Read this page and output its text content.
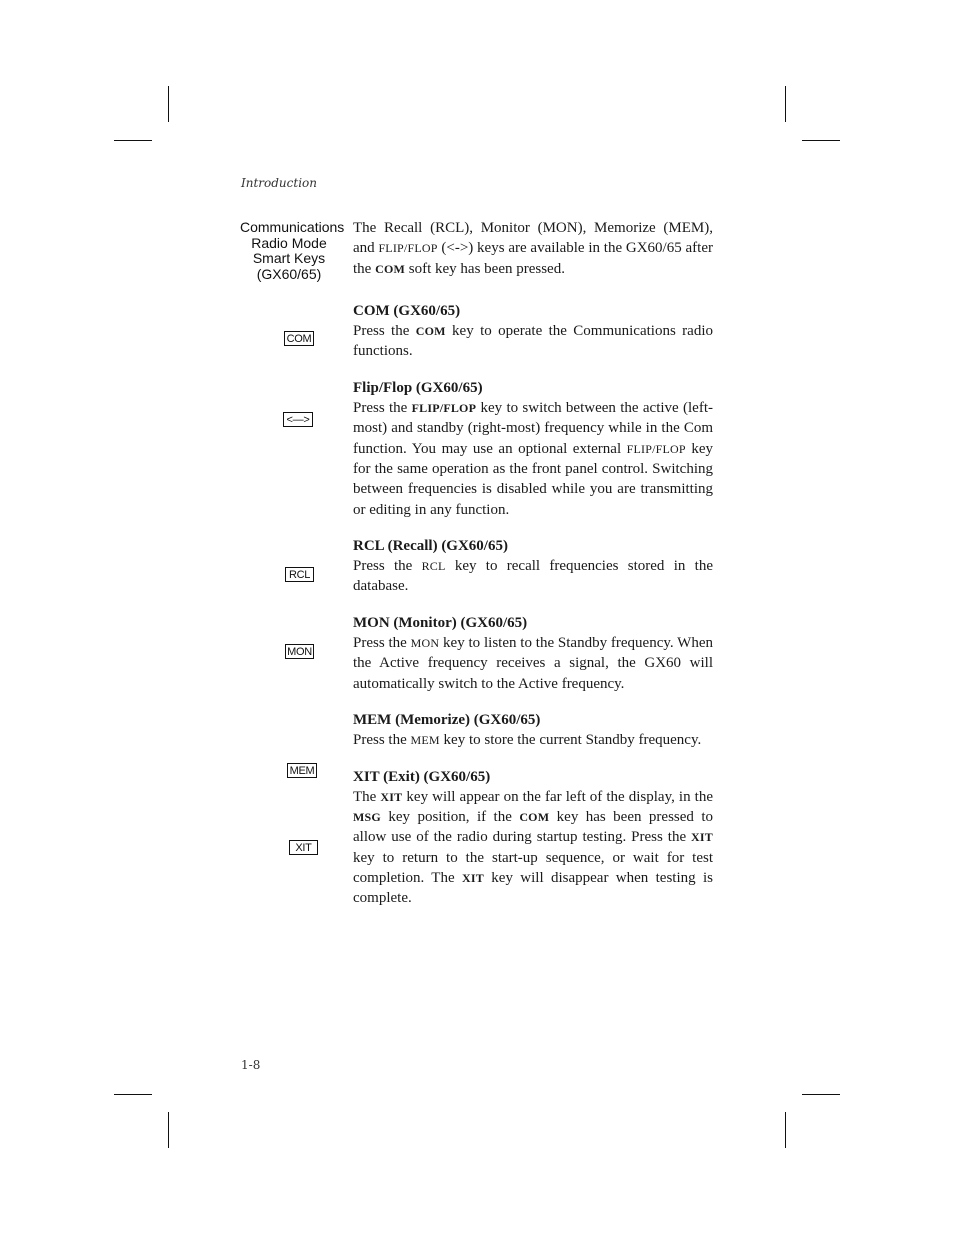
Introduction
Communications Radio Mode Smart Keys (GX60/65)
COM
<—>
RCL
MON
MEM
XIT

The Recall (RCL), Monitor (MON), Memorize (MEM), and FLIP/FLOP (<->) keys are available in the GX60/65 after the COM soft key has been pressed.

COM (GX60/65)

Press the COM key to operate the Communications radio functions.

Flip/Flop (GX60/65)

Press the FLIP/FLOP key to switch between the active (left-most) and standby (right-most) frequency while in the Com function. You may use an optional external FLIP/FLOP key for the same operation as the front panel control. Switching between frequencies is disabled while you are transmitting or editing in any function.

RCL (Recall) (GX60/65)

Press the RCL key to recall frequencies stored in the database.

MON (Monitor) (GX60/65)

Press the MON key to listen to the Standby frequency. When the Active frequency receives a signal, the GX60 will automatically switch to the Active frequency.

MEM (Memorize) (GX60/65)

Press the MEM key to store the current Standby frequency.

XIT (Exit) (GX60/65)

The XIT key will appear on the far left of the display, in the MSG key position, if the COM key has been pressed to allow use of the radio during startup testing. Press the XIT key to return to the start-up sequence, or wait for test completion. The XIT key will disappear when testing is complete.

1-8
